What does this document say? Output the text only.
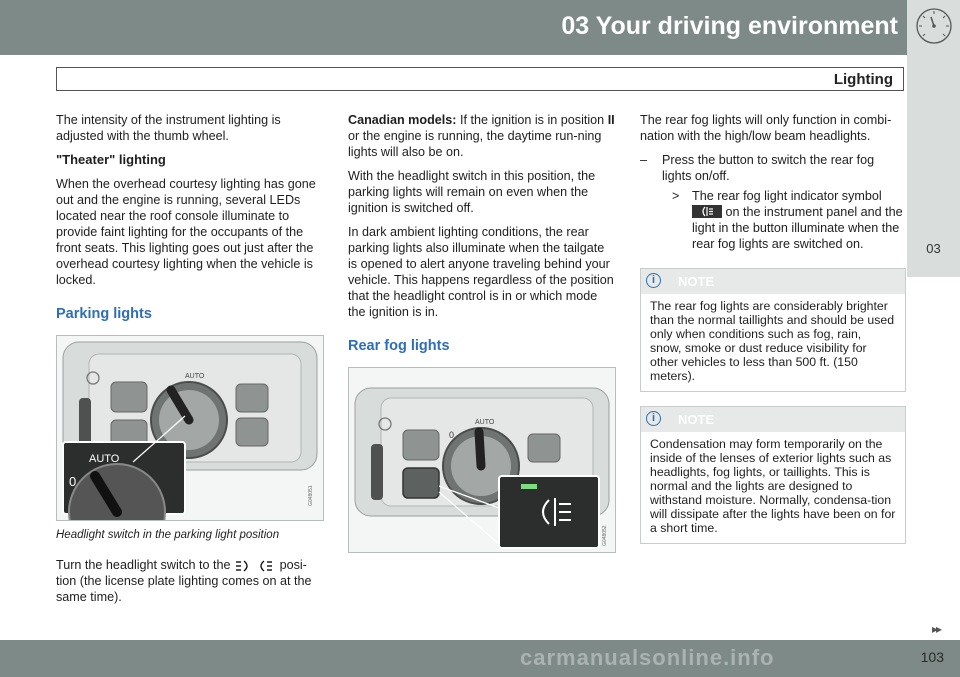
03 Your driving environment
03
Lighting

The intensity of the instrument lighting is adjusted with the thumb wheel.

"Theater" lighting

When the overhead courtesy lighting has gone out and the engine is running, several LEDs located near the roof console illuminate to provide faint lighting for the occupants of the front seats. This lighting goes out just after the overhead courtesy lighting when the vehicle is locked.

Parking lights
AUTO
AUTO
0
G048051
Headlight switch in the parking light position

Turn the headlight switch to the	posi-tion (the license plate lighting comes on at the same time).

Canadian models: If the ignition is in position II or the engine is running, the daytime run-ning lights will also be on.

With the headlight switch in this position, the parking lights will remain on even when the ignition is switched off.

In dark ambient lighting conditions, the rear parking lights also illuminate when the tailgate is opened to alert anyone traveling behind your vehicle. This happens regardless of the position that the headlight control is in or which mode the ignition is in.

Rear fog lights
AUTO
0
G048052

The rear fog lights will only function in combi-nation with the high/low beam headlights.

– Press the button to switch the rear fog lights on/off.
> The rear fog light indicator symbol

on the instrument panel and the light in the button illuminate when the rear fog lights are switched on.
i	NOTE
The rear fog lights are considerably brighter than the normal taillights and should be used only when conditions such as fog, rain, snow, smoke or dust reduce visibility for other vehicles to less than 500 ft. (150 meters).
i	NOTE
Condensation may form temporarily on the inside of the lenses of exterior lights such as headlights, fog lights, or taillights. This is normal and the lights are designed to withstand moisture. Normally, condensa-tion will dissipate after the lights have been on for a short time.
▸▸
carmanualsonline.info	103
